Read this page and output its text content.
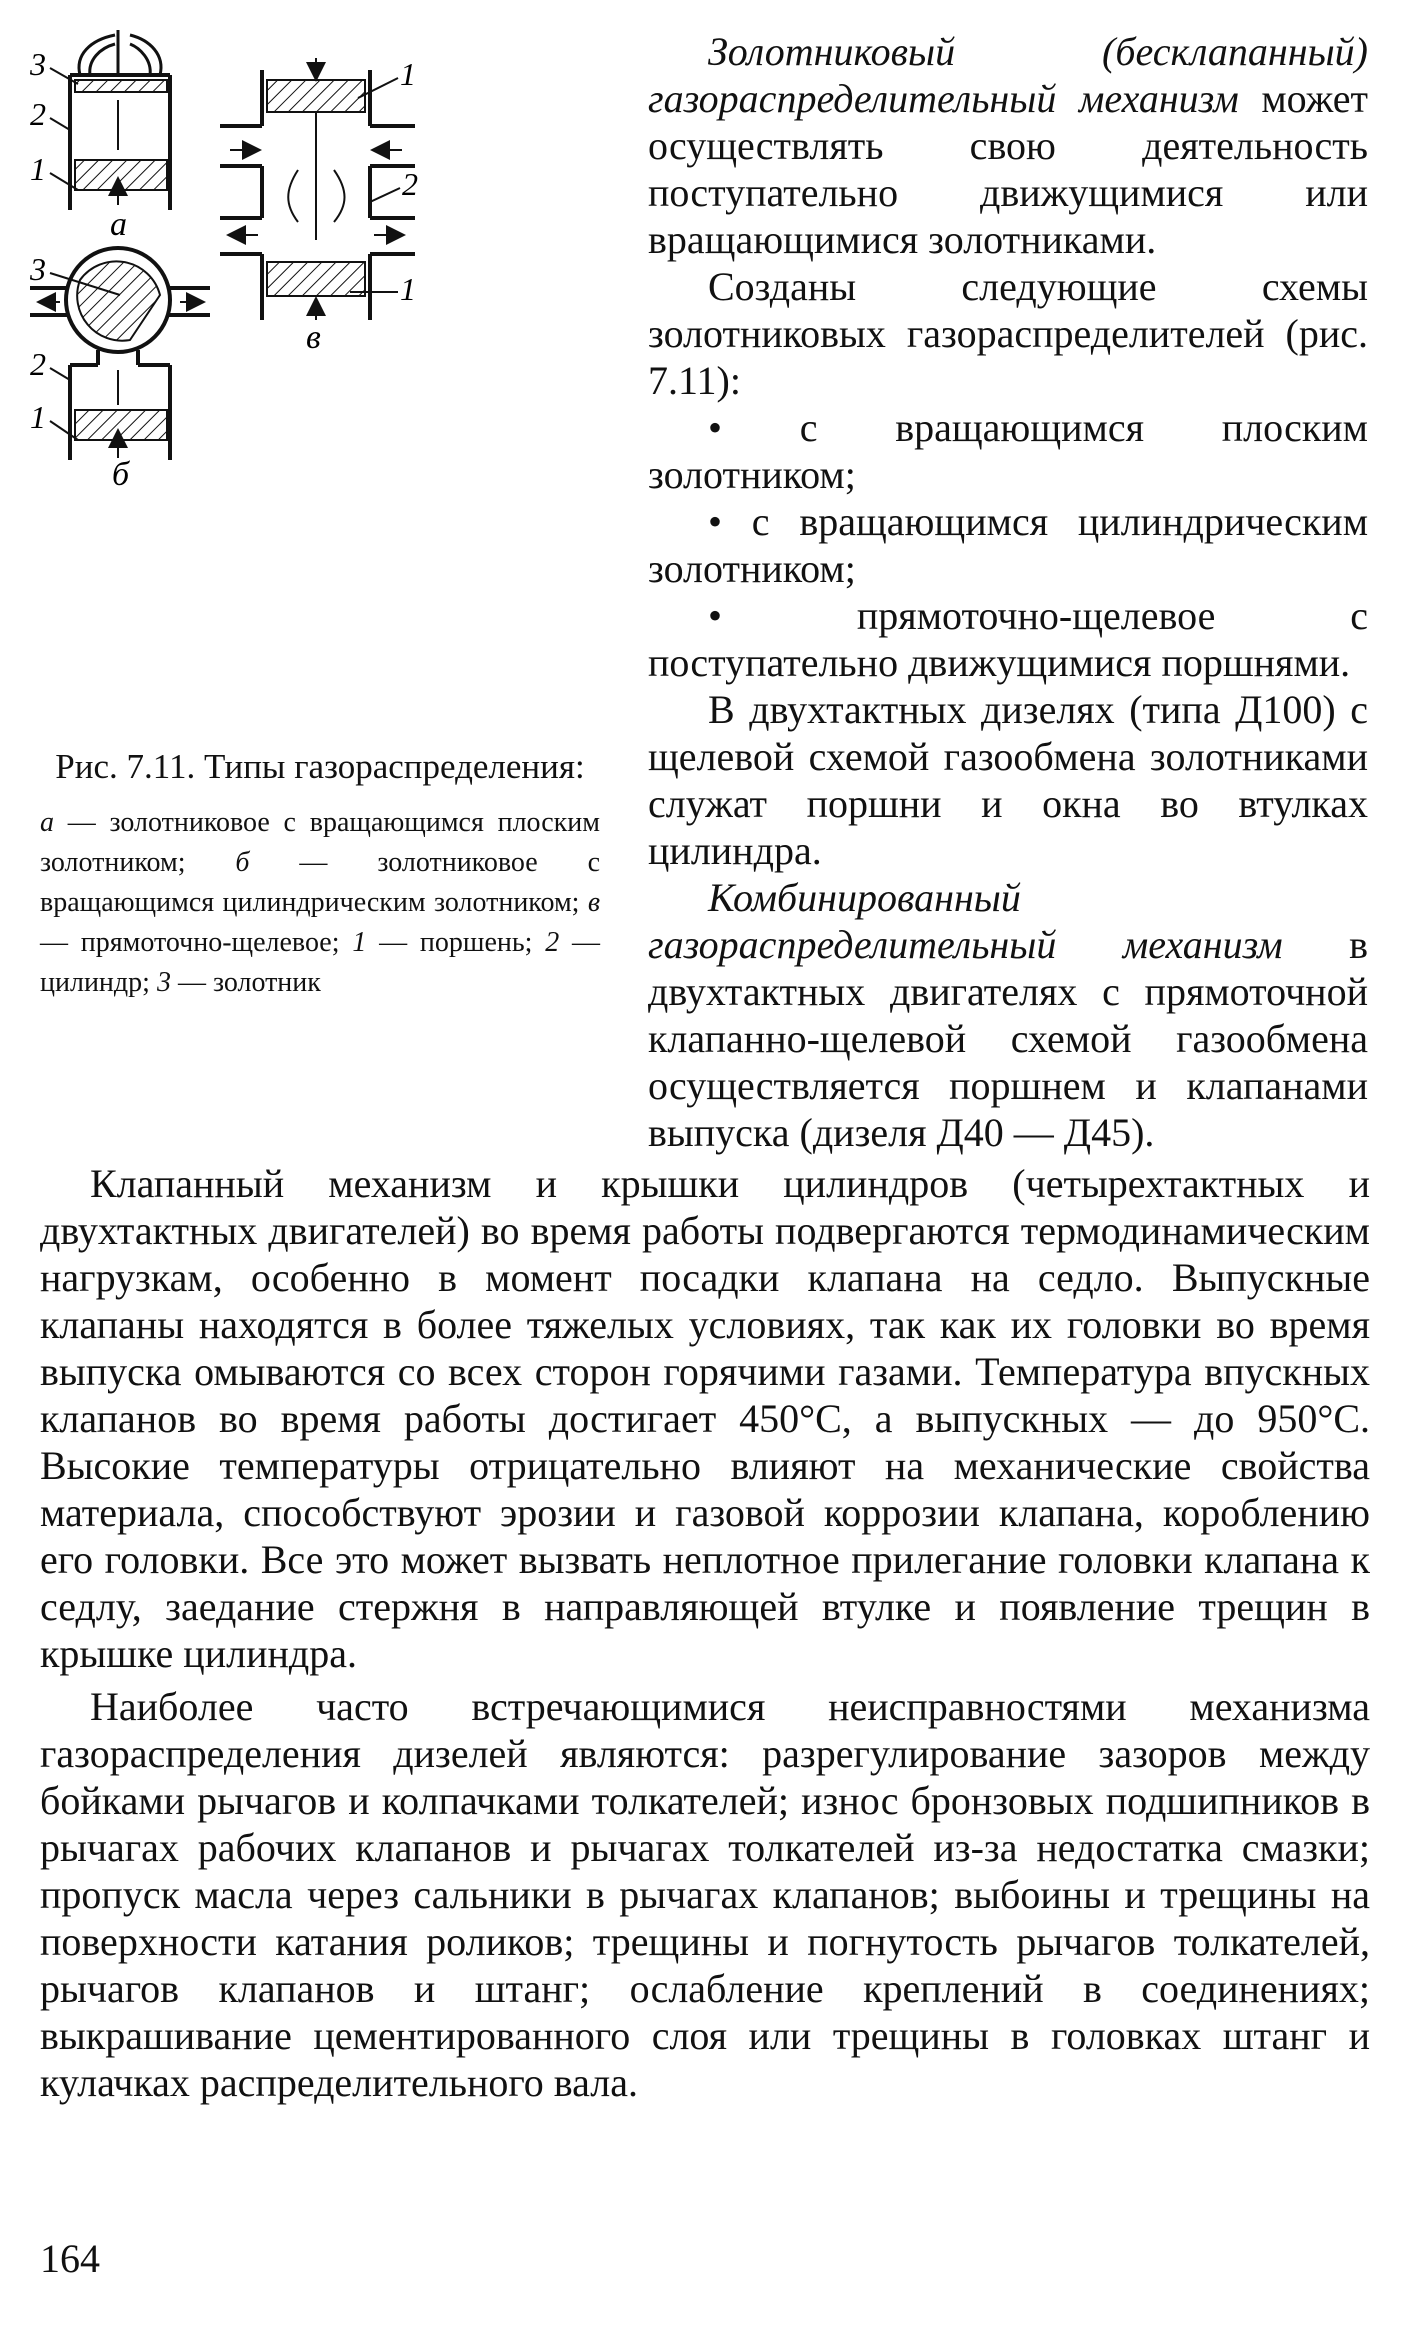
3
2
1
а
3
2
1
б
1
2
1
в

Рис. 7.11. Типы газораспределения:

а — золотниковое с вращающимся плоским золотником; б — золотниковое с вращающимся цилиндрическим золотником; в — прямоточно-щелевое; 1 — поршень; 2 — цилиндр; 3 — золотник

Золотниковый (бесклапанный) газораспределительный механизм может осуществлять свою деятельность поступательно движущимися или вращающимися золотниками.

Созданы следующие схемы золотниковых газораспределителей (рис. 7.11):

• с вращающимся плоским золотником;

• с вращающимся цилиндрическим золотником;

• прямоточно-щелевое с поступательно движущимися поршнями.

В двухтактных дизелях (типа Д100) с щелевой схемой газообмена золотниками служат поршни и окна во втулках цилиндра.

Комбинированный газораспределительный механизм в двухтактных двигателях с прямоточной клапанно-щелевой схемой газообмена осуществляется поршнем и клапанами выпуска (дизеля Д40 — Д45).

Клапанный механизм и крышки цилиндров (четырехтактных и двухтактных двигателей) во время работы подвергаются термодинамическим нагрузкам, особенно в момент посадки клапана на седло. Выпускные клапаны находятся в более тяжелых условиях, так как их головки во время выпуска омываются со всех сторон горячими газами. Температура впускных клапанов во время работы достигает 450°С, а выпускных — до 950°С. Высокие температуры отрицательно влияют на механические свойства материала, способствуют эрозии и газовой коррозии клапана, короблению его головки. Все это может вызвать неплотное прилегание головки клапана к седлу, заедание стержня в направляющей втулке и появление трещин в крышке цилиндра.

Наиболее часто встречающимися неисправностями механизма газораспределения дизелей являются: разрегулирование зазоров между бойками рычагов и колпачками толкателей; износ бронзовых подшипников в рычагах рабочих клапанов и рычагах толкателей из-за недостатка смазки; пропуск масла через сальники в рычагах клапанов; выбоины и трещины на поверхности катания роликов; трещины и погнутость рычагов толкателей, рычагов клапанов и штанг; ослабление креплений в соединениях; выкрашивание цементированного слоя или трещины в головках штанг и кулачках распределительного вала.

164
